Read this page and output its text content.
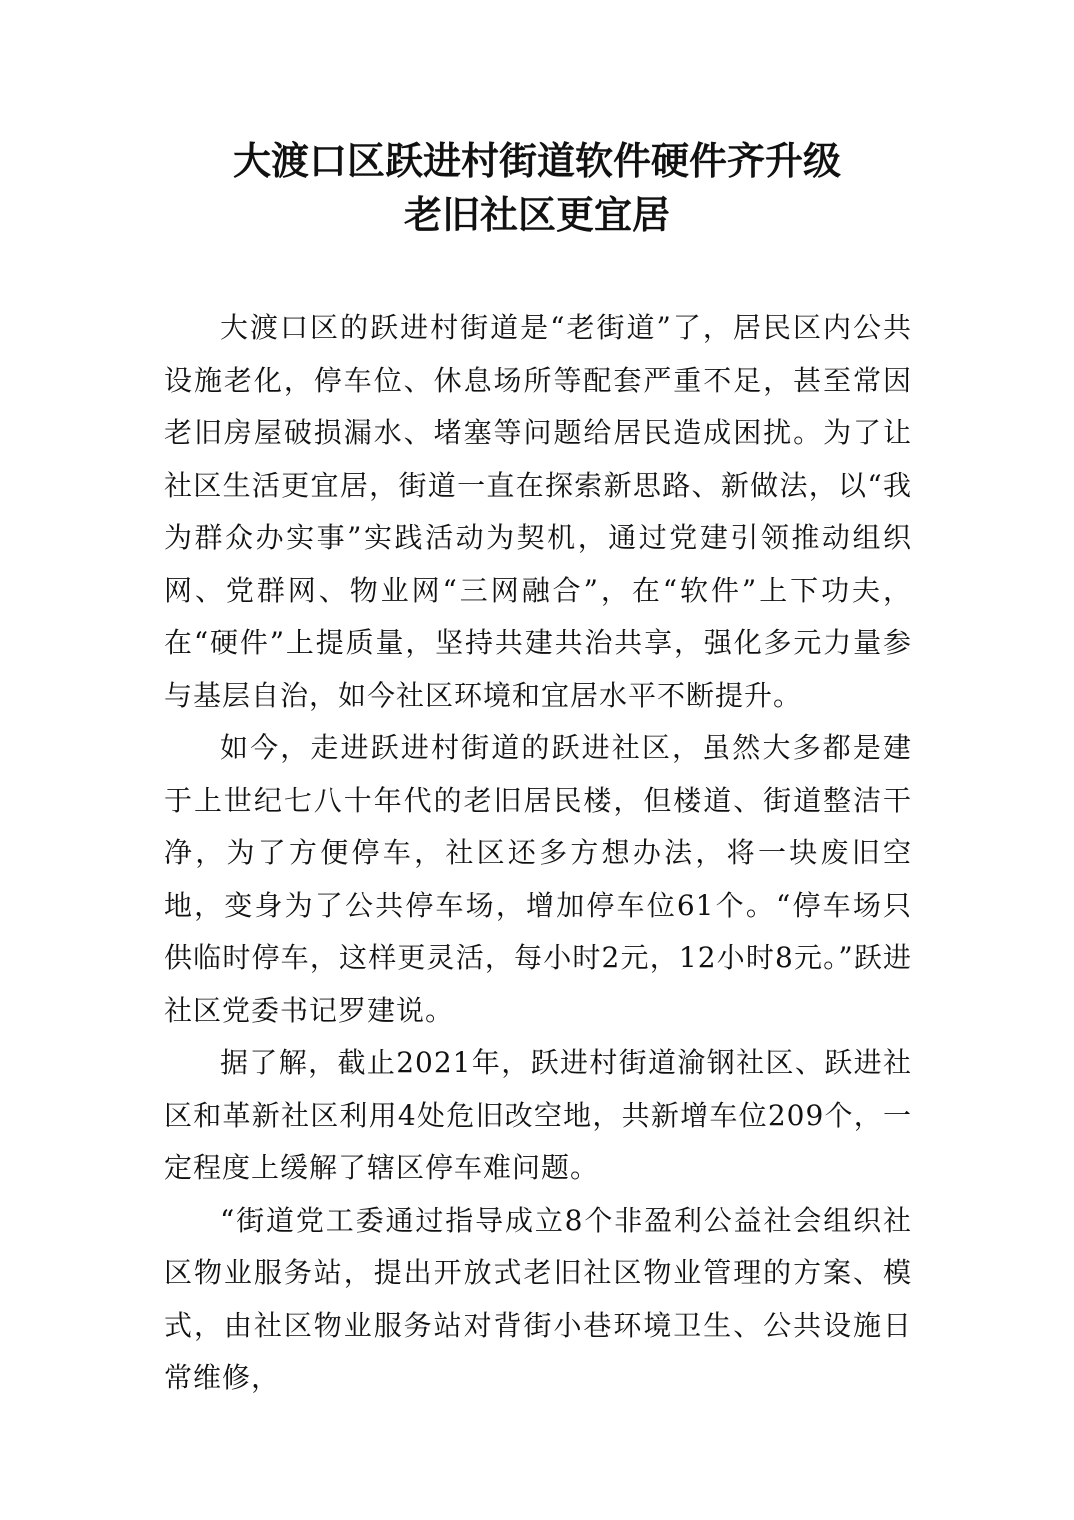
大渡口区跃进村街道软件硬件齐升级
老旧社区更宜居

大渡口区的跃进村街道是“老街道”了，居民区内公共设施老化，停车位、休息场所等配套严重不足，甚至常因老旧房屋破损漏水、堵塞等问题给居民造成困扰。为了让社区生活更宜居，街道一直在探索新思路、新做法，以“我为群众办实事”实践活动为契机，通过党建引领推动组织网、党群网、物业网“三网融合”，在“软件”上下功夫，在“硬件”上提质量，坚持共建共治共享，强化多元力量参与基层自治，如今社区环境和宜居水平不断提升。

如今，走进跃进村街道的跃进社区，虽然大多都是建于上世纪七八十年代的老旧居民楼，但楼道、街道整洁干净，为了方便停车，社区还多方想办法，将一块废旧空地，变身为了公共停车场，增加停车位61个。“停车场只供临时停车，这样更灵活，每小时2元，12小时8元。”跃进社区党委书记罗建说。

据了解，截止2021年，跃进村街道渝钢社区、跃进社区和革新社区利用4处危旧改空地，共新增车位209个，一定程度上缓解了辖区停车难问题。

“街道党工委通过指导成立8个非盈利公益社会组织社区物业服务站，提出开放式老旧社区物业管理的方案、模式，由社区物业服务站对背街小巷环境卫生、公共设施日常维修，
